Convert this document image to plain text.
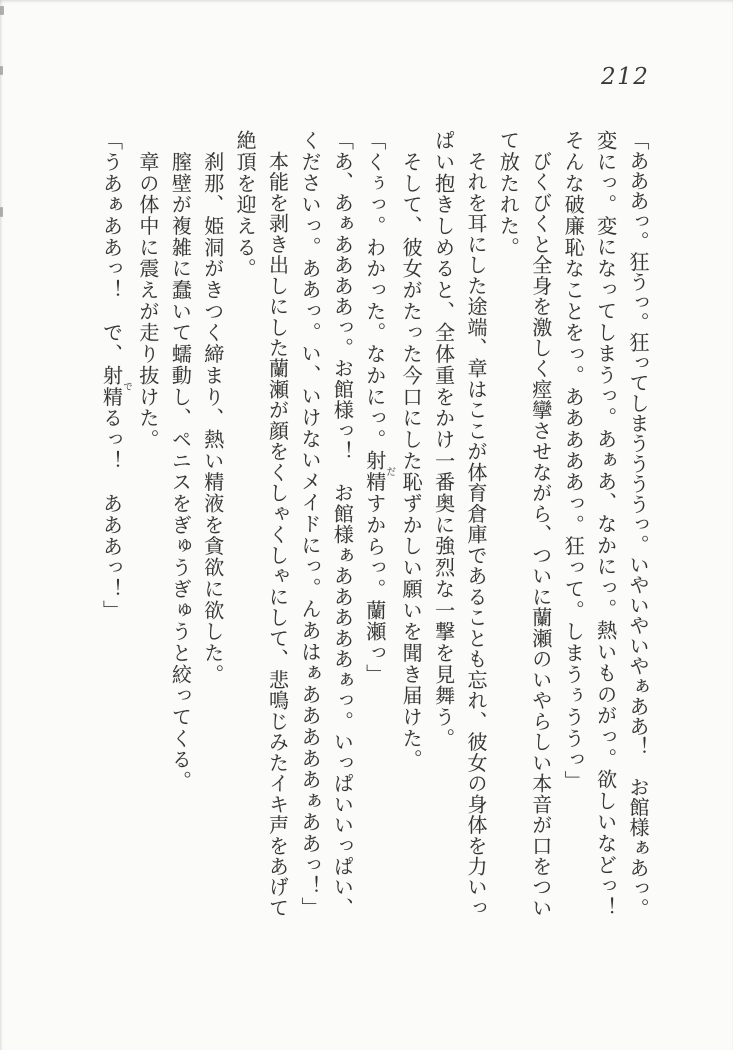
212
「あああっ。狂うっ。狂ってしまううううっ。いやいやいやぁああ！　お館様ぁあっ。
変にっ。変になってしまうっ。あぁあ、なかにっ。熱いものがっ。欲しいなどっ！
そんな破廉恥なことをっ。あああああっ。狂って。しまうぅううっ」
　びくびくと全身を激しく痙攣させながら、ついに蘭瀬のいやらしい本音が口をつい
て放たれた。
　それを耳にした途端、章はここが体育倉庫であることも忘れ、彼女の身体を力いっ
ぱい抱きしめると、全体重をかけ一番奥に強烈な一撃を見舞う。
　そして、彼女がたった今口にした恥ずかしい願いを聞き届けた。
「くぅっ。わかった。なかにっ。射精だすからっ。蘭瀬っ」
「あ、あぁああああっ。お館様っ！　お館様ぁあああああぁっ。いっぱいいっぱい、
くださいっ。ああっ。い、いけないメイドにっ。んあはぁあああああぁああっ！」
　本能を剥き出しにした蘭瀬が顔をくしゃくしゃにして、悲鳴じみたイキ声をあげて
絶頂を迎える。
　刹那、姫洞がきつく締まり、熱い精液を貪欲に欲した。
　膣壁が複雑に蠢いて蠕動し、ペニスをぎゅうぎゅうと絞ってくる。
　章の体中に震えが走り抜けた。
「うあぁああっ！　で、射精でるっ！　あああっ！」
